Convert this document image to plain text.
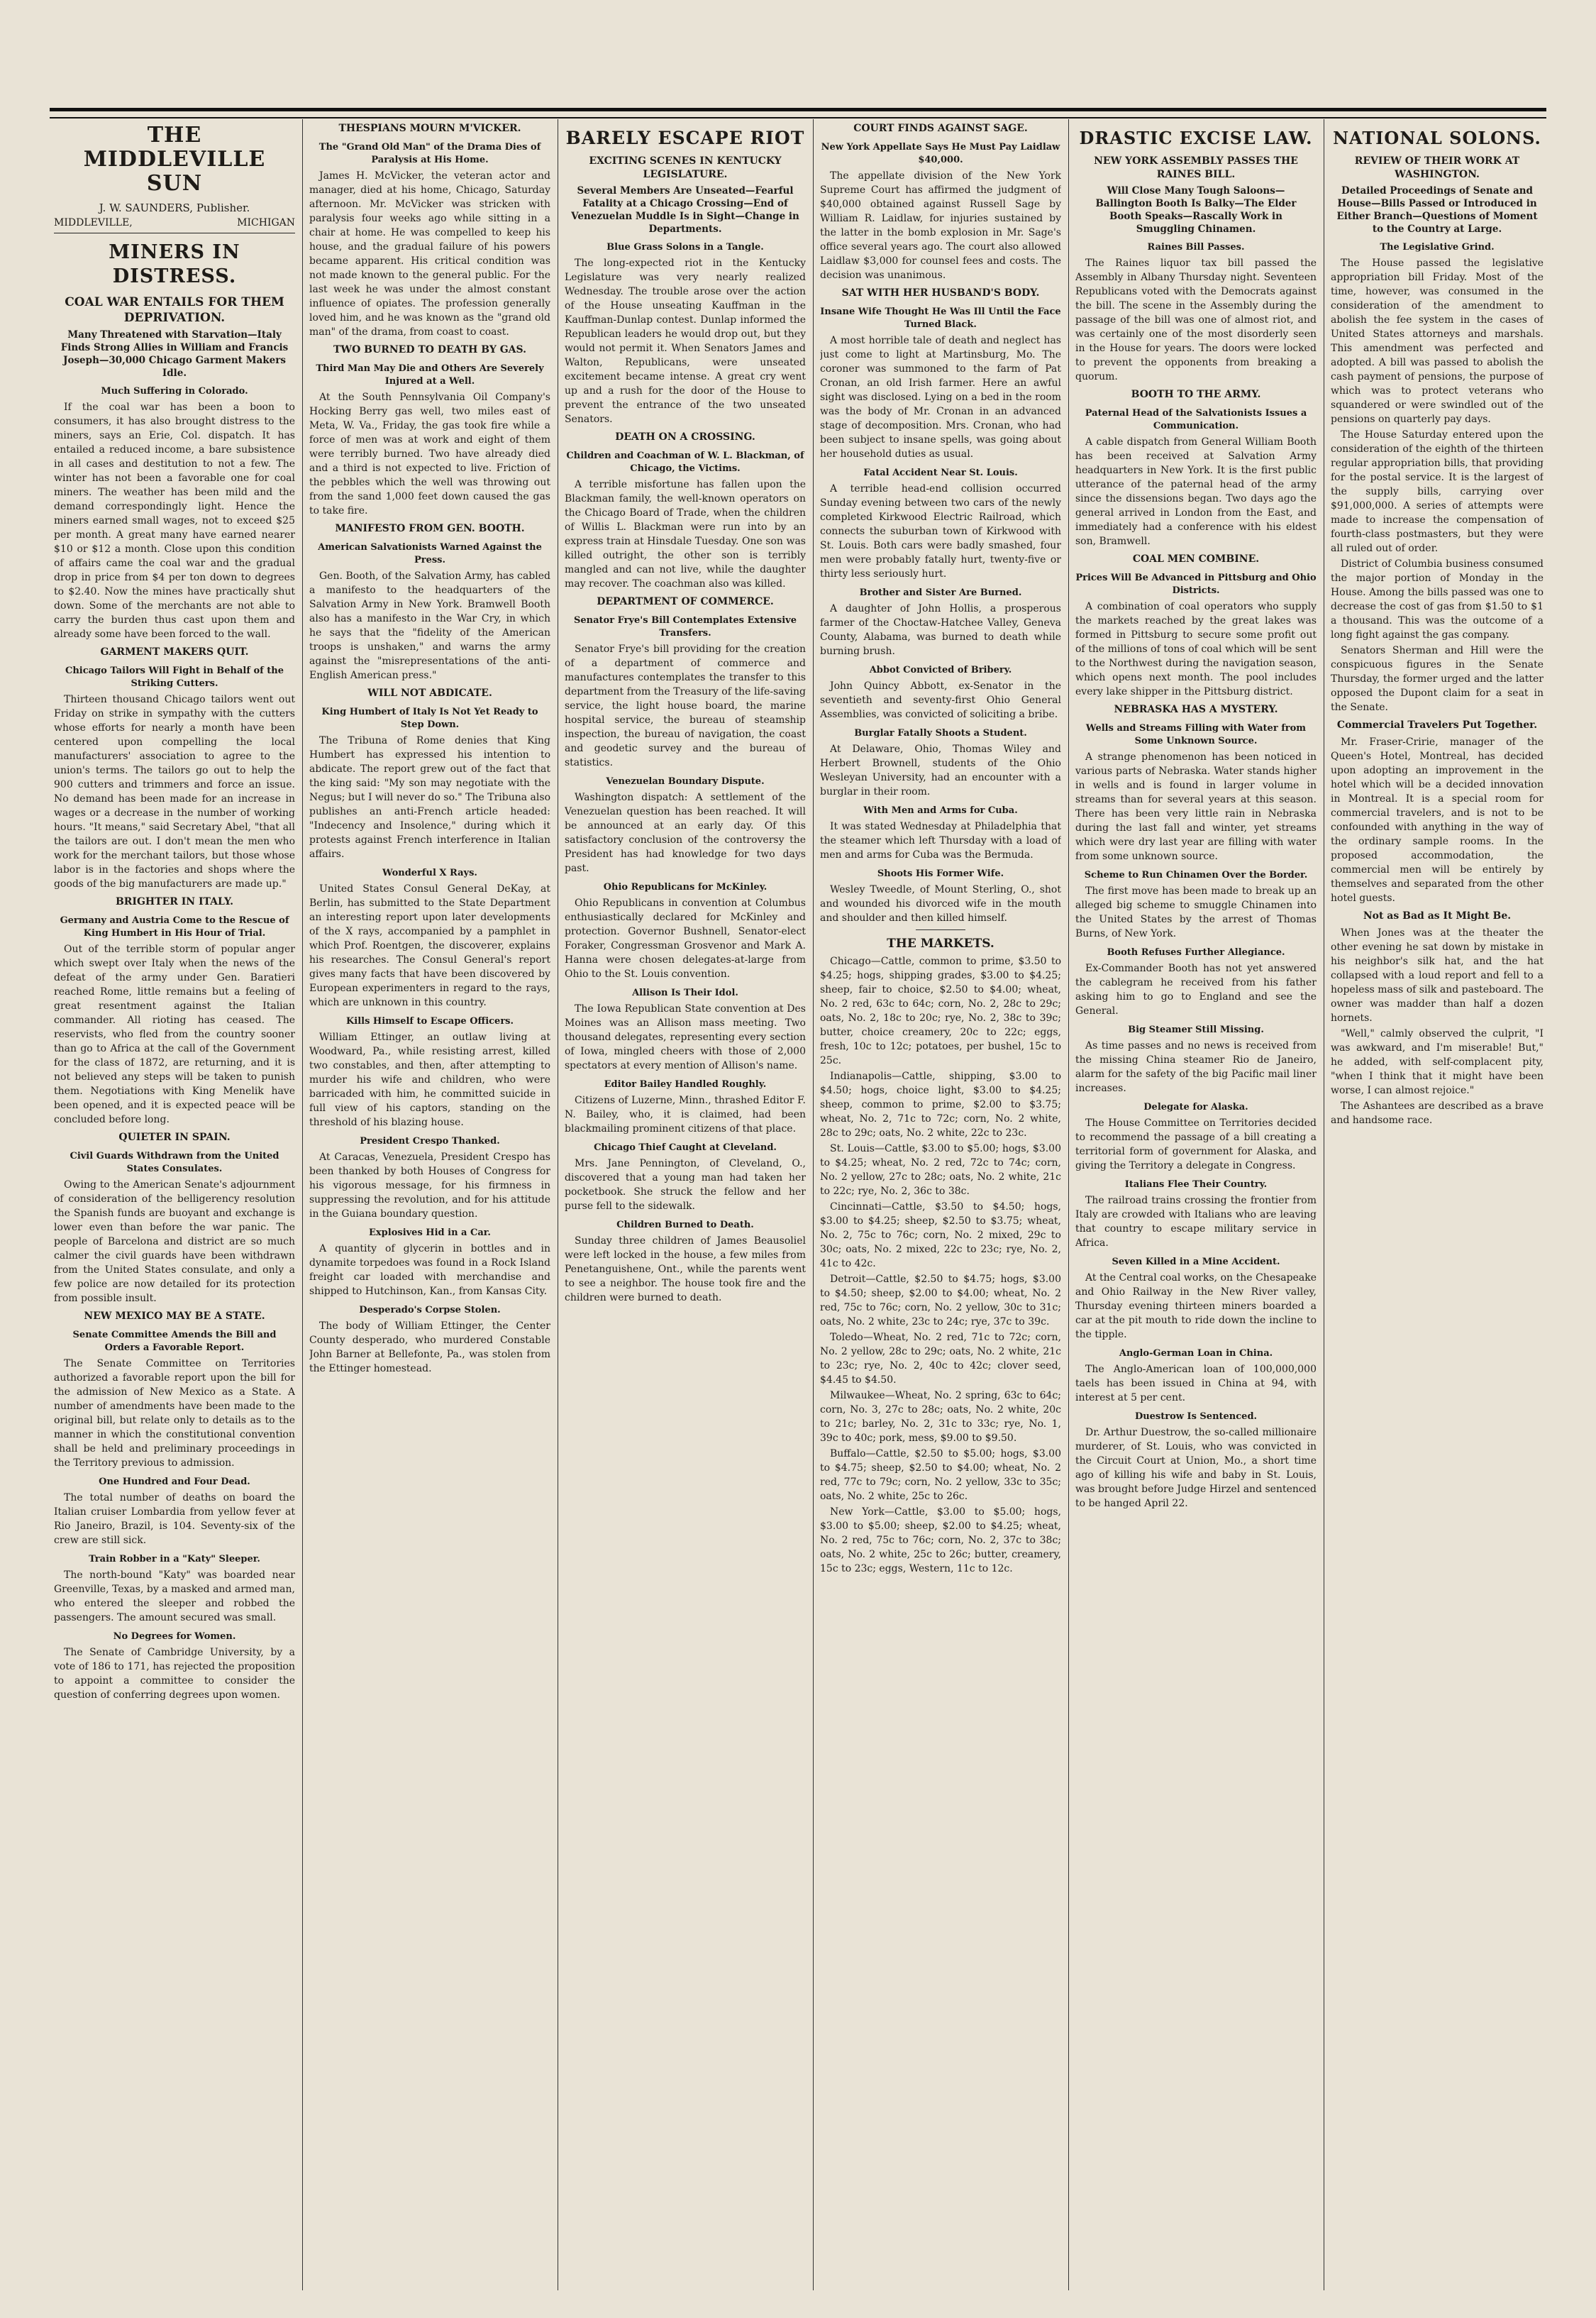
THE MIDDLEVILLE SUN
J. W. SAUNDERS, Publisher.
MIDDLEVILLE,	MICHIGAN
MINERS IN DISTRESS.
COAL WAR ENTAILS FOR THEM DEPRIVATION.
Many Threatened with Starvation—Italy Finds Strong Allies in William and Francis Joseph—30,000 Chicago Garment Makers Idle.
Much Suffering in Colorado.

If the coal war has been a boon to consumers, it has also brought distress to the miners, says an Erie, Col. dispatch. It has entailed a reduced income, a bare subsistence in all cases and destitution to not a few. The winter has not been a favorable one for coal miners. The weather has been mild and the demand correspondingly light. Hence the miners earned small wages, not to exceed $25 per month. A great many have earned nearer $10 or $12 a month. Close upon this condition of affairs came the coal war and the gradual drop in price from $4 per ton down to degrees to $2.40. Now the mines have practically shut down. Some of the merchants are not able to carry the burden thus cast upon them and already some have been forced to the wall.

GARMENT MAKERS QUIT.
Chicago Tailors Will Fight in Behalf of the Striking Cutters.

Thirteen thousand Chicago tailors went out Friday on strike in sympathy with the cutters whose efforts for nearly a month have been centered upon compelling the local manufacturers' association to agree to the union's terms. The tailors go out to help the 900 cutters and trimmers and force an issue. No demand has been made for an increase in wages or a decrease in the number of working hours. "It means," said Secretary Abel, "that all the tailors are out. I don't mean the men who work for the merchant tailors, but those whose labor is in the factories and shops where the goods of the big manufacturers are made up."

BRIGHTER IN ITALY.
Germany and Austria Come to the Rescue of King Humbert in His Hour of Trial.

Out of the terrible storm of popular anger which swept over Italy when the news of the defeat of the army under Gen. Baratieri reached Rome, little remains but a feeling of great resentment against the Italian commander. All rioting has ceased. The reservists, who fled from the country sooner than go to Africa at the call of the Government for the class of 1872, are returning, and it is not believed any steps will be taken to punish them. Negotiations with King Menelik have been opened, and it is expected peace will be concluded before long.

QUIETER IN SPAIN.
Civil Guards Withdrawn from the United States Consulates.

Owing to the American Senate's adjournment of consideration of the belligerency resolution the Spanish funds are buoyant and exchange is lower even than before the war panic. The people of Barcelona and district are so much calmer the civil guards have been withdrawn from the United States consulate, and only a few police are now detailed for its protection from possible insult.

NEW MEXICO MAY BE A STATE.
Senate Committee Amends the Bill and Orders a Favorable Report.

The Senate Committee on Territories authorized a favorable report upon the bill for the admission of New Mexico as a State. A number of amendments have been made to the original bill, but relate only to details as to the manner in which the constitutional convention shall be held and preliminary proceedings in the Territory previous to admission.

One Hundred and Four Dead.

The total number of deaths on board the Italian cruiser Lombardia from yellow fever at Rio Janeiro, Brazil, is 104. Seventy-six of the crew are still sick.

Train Robber in a "Katy" Sleeper.

The north-bound "Katy" was boarded near Greenville, Texas, by a masked and armed man, who entered the sleeper and robbed the passengers. The amount secured was small.

No Degrees for Women.

The Senate of Cambridge University, by a vote of 186 to 171, has rejected the proposition to appoint a committee to consider the question of conferring degrees upon women.

THESPIANS MOURN M'VICKER.
The "Grand Old Man" of the Drama Dies of Paralysis at His Home.

James H. McVicker, the veteran actor and manager, died at his home, Chicago, Saturday afternoon. Mr. McVicker was stricken with paralysis four weeks ago while sitting in a chair at home. He was compelled to keep his house, and the gradual failure of his powers became apparent. His critical condition was not made known to the general public. For the last week he was under the almost constant influence of opiates. The profession generally loved him, and he was known as the "grand old man" of the drama, from coast to coast.

TWO BURNED TO DEATH BY GAS.
Third Man May Die and Others Are Severely Injured at a Well.

At the South Pennsylvania Oil Company's Hocking Berry gas well, two miles east of Meta, W. Va., Friday, the gas took fire while a force of men was at work and eight of them were terribly burned. Two have already died and a third is not expected to live. Friction of the pebbles which the well was throwing out from the sand 1,000 feet down caused the gas to take fire.

MANIFESTO FROM GEN. BOOTH.
American Salvationists Warned Against the Press.

Gen. Booth, of the Salvation Army, has cabled a manifesto to the headquarters of the Salvation Army in New York. Bramwell Booth also has a manifesto in the War Cry, in which he says that the "fidelity of the American troops is unshaken," and warns the army against the "misrepresentations of the anti-English American press."

WILL NOT ABDICATE.
King Humbert of Italy Is Not Yet Ready to Step Down.

The Tribuna of Rome denies that King Humbert has expressed his intention to abdicate. The report grew out of the fact that the king said: "My son may negotiate with the Negus; but I will never do so." The Tribuna also publishes an anti-French article headed: "Indecency and Insolence," during which it protests against French interference in Italian affairs.

Wonderful X Rays.

United States Consul General DeKay, at Berlin, has submitted to the State Department an interesting report upon later developments of the X rays, accompanied by a pamphlet in which Prof. Roentgen, the discoverer, explains his researches. The Consul General's report gives many facts that have been discovered by European experimenters in regard to the rays, which are unknown in this country.

Kills Himself to Escape Officers.

William Ettinger, an outlaw living at Woodward, Pa., while resisting arrest, killed two constables, and then, after attempting to murder his wife and children, who were barricaded with him, he committed suicide in full view of his captors, standing on the threshold of his blazing house.

President Crespo Thanked.

At Caracas, Venezuela, President Crespo has been thanked by both Houses of Congress for his vigorous message, for his firmness in suppressing the revolution, and for his attitude in the Guiana boundary question.

Explosives Hid in a Car.

A quantity of glycerin in bottles and in dynamite torpedoes was found in a Rock Island freight car loaded with merchandise and shipped to Hutchinson, Kan., from Kansas City.

Desperado's Corpse Stolen.

The body of William Ettinger, the Center County desperado, who murdered Constable John Barner at Bellefonte, Pa., was stolen from the Ettinger homestead.

BARELY ESCAPE RIOT
EXCITING SCENES IN KENTUCKY LEGISLATURE.
Several Members Are Unseated—Fearful Fatality at a Chicago Crossing—End of Venezuelan Muddle Is in Sight—Change in Departments.
Blue Grass Solons in a Tangle.

The long-expected riot in the Kentucky Legislature was very nearly realized Wednesday. The trouble arose over the action of the House unseating Kauffman in the Kauffman-Dunlap contest. Dunlap informed the Republican leaders he would drop out, but they would not permit it. When Senators James and Walton, Republicans, were unseated excitement became intense. A great cry went up and a rush for the door of the House to prevent the entrance of the two unseated Senators.

DEATH ON A CROSSING.
Children and Coachman of W. L. Blackman, of Chicago, the Victims.

A terrible misfortune has fallen upon the Blackman family, the well-known operators on the Chicago Board of Trade, when the children of Willis L. Blackman were run into by an express train at Hinsdale Tuesday. One son was killed outright, the other son is terribly mangled and can not live, while the daughter may recover. The coachman also was killed.

DEPARTMENT OF COMMERCE.
Senator Frye's Bill Contemplates Extensive Transfers.

Senator Frye's bill providing for the creation of a department of commerce and manufactures contemplates the transfer to this department from the Treasury of the life-saving service, the light house board, the marine hospital service, the bureau of steamship inspection, the bureau of navigation, the coast and geodetic survey and the bureau of statistics.

Venezuelan Boundary Dispute.

Washington dispatch: A settlement of the Venezuelan question has been reached. It will be announced at an early day. Of this satisfactory conclusion of the controversy the President has had knowledge for two days past.

Ohio Republicans for McKinley.

Ohio Republicans in convention at Columbus enthusiastically declared for McKinley and protection. Governor Bushnell, Senator-elect Foraker, Congressman Grosvenor and Mark A. Hanna were chosen delegates-at-large from Ohio to the St. Louis convention.

Allison Is Their Idol.

The Iowa Republican State convention at Des Moines was an Allison mass meeting. Two thousand delegates, representing every section of Iowa, mingled cheers with those of 2,000 spectators at every mention of Allison's name.

Editor Bailey Handled Roughly.

Citizens of Luzerne, Minn., thrashed Editor F. N. Bailey, who, it is claimed, had been blackmailing prominent citizens of that place.

Chicago Thief Caught at Cleveland.

Mrs. Jane Pennington, of Cleveland, O., discovered that a young man had taken her pocketbook. She struck the fellow and her purse fell to the sidewalk.

Children Burned to Death.

Sunday three children of James Beausoliel were left locked in the house, a few miles from Penetanguishene, Ont., while the parents went to see a neighbor. The house took fire and the children were burned to death.

COURT FINDS AGAINST SAGE.
New York Appellate Says He Must Pay Laidlaw $40,000.

The appellate division of the New York Supreme Court has affirmed the judgment of $40,000 obtained against Russell Sage by William R. Laidlaw, for injuries sustained by the latter in the bomb explosion in Mr. Sage's office several years ago. The court also allowed Laidlaw $3,000 for counsel fees and costs. The decision was unanimous.

SAT WITH HER HUSBAND'S BODY.
Insane Wife Thought He Was Ill Until the Face Turned Black.

A most horrible tale of death and neglect has just come to light at Martinsburg, Mo. The coroner was summoned to the farm of Pat Cronan, an old Irish farmer. Here an awful sight was disclosed. Lying on a bed in the room was the body of Mr. Cronan in an advanced stage of decomposition. Mrs. Cronan, who had been subject to insane spells, was going about her household duties as usual.

Fatal Accident Near St. Louis.

A terrible head-end collision occurred Sunday evening between two cars of the newly completed Kirkwood Electric Railroad, which connects the suburban town of Kirkwood with St. Louis. Both cars were badly smashed, four men were probably fatally hurt, twenty-five or thirty less seriously hurt.

Brother and Sister Are Burned.

A daughter of John Hollis, a prosperous farmer of the Choctaw-Hatchee Valley, Geneva County, Alabama, was burned to death while burning brush.

Abbot Convicted of Bribery.

John Quincy Abbott, ex-Senator in the seventieth and seventy-first Ohio General Assemblies, was convicted of soliciting a bribe.

Burglar Fatally Shoots a Student.

At Delaware, Ohio, Thomas Wiley and Herbert Brownell, students of the Ohio Wesleyan University, had an encounter with a burglar in their room.

With Men and Arms for Cuba.

It was stated Wednesday at Philadelphia that the steamer which left Thursday with a load of men and arms for Cuba was the Bermuda.

Shoots His Former Wife.

Wesley Tweedle, of Mount Sterling, O., shot and wounded his divorced wife in the mouth and shoulder and then killed himself.

THE MARKETS.

Chicago—Cattle, common to prime, $3.50 to $4.25; hogs, shipping grades, $3.00 to $4.25; sheep, fair to choice, $2.50 to $4.00; wheat, No. 2 red, 63c to 64c; corn, No. 2, 28c to 29c; oats, No. 2, 18c to 20c; rye, No. 2, 38c to 39c; butter, choice creamery, 20c to 22c; eggs, fresh, 10c to 12c; potatoes, per bushel, 15c to 25c.

Indianapolis—Cattle, shipping, $3.00 to $4.50; hogs, choice light, $3.00 to $4.25; sheep, common to prime, $2.00 to $3.75; wheat, No. 2, 71c to 72c; corn, No. 2 white, 28c to 29c; oats, No. 2 white, 22c to 23c.

St. Louis—Cattle, $3.00 to $5.00; hogs, $3.00 to $4.25; wheat, No. 2 red, 72c to 74c; corn, No. 2 yellow, 27c to 28c; oats, No. 2 white, 21c to 22c; rye, No. 2, 36c to 38c.

Cincinnati—Cattle, $3.50 to $4.50; hogs, $3.00 to $4.25; sheep, $2.50 to $3.75; wheat, No. 2, 75c to 76c; corn, No. 2 mixed, 29c to 30c; oats, No. 2 mixed, 22c to 23c; rye, No. 2, 41c to 42c.

Detroit—Cattle, $2.50 to $4.75; hogs, $3.00 to $4.50; sheep, $2.00 to $4.00; wheat, No. 2 red, 75c to 76c; corn, No. 2 yellow, 30c to 31c; oats, No. 2 white, 23c to 24c; rye, 37c to 39c.

Toledo—Wheat, No. 2 red, 71c to 72c; corn, No. 2 yellow, 28c to 29c; oats, No. 2 white, 21c to 23c; rye, No. 2, 40c to 42c; clover seed, $4.45 to $4.50.

Milwaukee—Wheat, No. 2 spring, 63c to 64c; corn, No. 3, 27c to 28c; oats, No. 2 white, 20c to 21c; barley, No. 2, 31c to 33c; rye, No. 1, 39c to 40c; pork, mess, $9.00 to $9.50.

Buffalo—Cattle, $2.50 to $5.00; hogs, $3.00 to $4.75; sheep, $2.50 to $4.00; wheat, No. 2 red, 77c to 79c; corn, No. 2 yellow, 33c to 35c; oats, No. 2 white, 25c to 26c.

New York—Cattle, $3.00 to $5.00; hogs, $3.00 to $5.00; sheep, $2.00 to $4.25; wheat, No. 2 red, 75c to 76c; corn, No. 2, 37c to 38c; oats, No. 2 white, 25c to 26c; butter, creamery, 15c to 23c; eggs, Western, 11c to 12c.

DRASTIC EXCISE LAW.
NEW YORK ASSEMBLY PASSES THE RAINES BILL.
Will Close Many Tough Saloons—Ballington Booth Is Balky—The Elder Booth Speaks—Rascally Work in Smuggling Chinamen.
Raines Bill Passes.

The Raines liquor tax bill passed the Assembly in Albany Thursday night. Seventeen Republicans voted with the Democrats against the bill. The scene in the Assembly during the passage of the bill was one of almost riot, and was certainly one of the most disorderly seen in the House for years. The doors were locked to prevent the opponents from breaking a quorum.

BOOTH TO THE ARMY.
Paternal Head of the Salvationists Issues a Communication.

A cable dispatch from General William Booth has been received at Salvation Army headquarters in New York. It is the first public utterance of the paternal head of the army since the dissensions began. Two days ago the general arrived in London from the East, and immediately had a conference with his eldest son, Bramwell.

COAL MEN COMBINE.
Prices Will Be Advanced in Pittsburg and Ohio Districts.

A combination of coal operators who supply the markets reached by the great lakes was formed in Pittsburg to secure some profit out of the millions of tons of coal which will be sent to the Northwest during the navigation season, which opens next month. The pool includes every lake shipper in the Pittsburg district.

NEBRASKA HAS A MYSTERY.
Wells and Streams Filling with Water from Some Unknown Source.

A strange phenomenon has been noticed in various parts of Nebraska. Water stands higher in wells and is found in larger volume in streams than for several years at this season. There has been very little rain in Nebraska during the last fall and winter, yet streams which were dry last year are filling with water from some unknown source.

Scheme to Run Chinamen Over the Border.

The first move has been made to break up an alleged big scheme to smuggle Chinamen into the United States by the arrest of Thomas Burns, of New York.

Booth Refuses Further Allegiance.

Ex-Commander Booth has not yet answered the cablegram he received from his father asking him to go to England and see the General.

Big Steamer Still Missing.

As time passes and no news is received from the missing China steamer Rio de Janeiro, alarm for the safety of the big Pacific mail liner increases.

Delegate for Alaska.

The House Committee on Territories decided to recommend the passage of a bill creating a territorial form of government for Alaska, and giving the Territory a delegate in Congress.

Italians Flee Their Country.

The railroad trains crossing the frontier from Italy are crowded with Italians who are leaving that country to escape military service in Africa.

Seven Killed in a Mine Accident.

At the Central coal works, on the Chesapeake and Ohio Railway in the New River valley, Thursday evening thirteen miners boarded a car at the pit mouth to ride down the incline to the tipple.

Anglo-German Loan in China.

The Anglo-American loan of 100,000,000 taels has been issued in China at 94, with interest at 5 per cent.

Duestrow Is Sentenced.

Dr. Arthur Duestrow, the so-called millionaire murderer, of St. Louis, who was convicted in the Circuit Court at Union, Mo., a short time ago of killing his wife and baby in St. Louis, was brought before Judge Hirzel and sentenced to be hanged April 22.

NATIONAL SOLONS.
REVIEW OF THEIR WORK AT WASHINGTON.
Detailed Proceedings of Senate and House—Bills Passed or Introduced in Either Branch—Questions of Moment to the Country at Large.
The Legislative Grind.

The House passed the legislative appropriation bill Friday. Most of the time, however, was consumed in the consideration of the amendment to abolish the fee system in the cases of United States attorneys and marshals. This amendment was perfected and adopted. A bill was passed to abolish the cash payment of pensions, the purpose of which was to protect veterans who squandered or were swindled out of the pensions on quarterly pay days.

The House Saturday entered upon the consideration of the eighth of the thirteen regular appropriation bills, that providing for the postal service. It is the largest of the supply bills, carrying over $91,000,000. A series of attempts were made to increase the compensation of fourth-class postmasters, but they were all ruled out of order.

District of Columbia business consumed the major portion of Monday in the House. Among the bills passed was one to decrease the cost of gas from $1.50 to $1 a thousand. This was the outcome of a long fight against the gas company.

Senators Sherman and Hill were the conspicuous figures in the Senate Thursday, the former urged and the latter opposed the Dupont claim for a seat in the Senate.

Commercial Travelers Put Together.

Mr. Fraser-Cririe, manager of the Queen's Hotel, Montreal, has decided upon adopting an improvement in the hotel which will be a decided innovation in Montreal. It is a special room for commercial travelers, and is not to be confounded with anything in the way of the ordinary sample rooms. In the proposed accommodation, the commercial men will be entirely by themselves and separated from the other hotel guests.

Not as Bad as It Might Be.

When Jones was at the theater the other evening he sat down by mistake in his neighbor's silk hat, and the hat collapsed with a loud report and fell to a hopeless mass of silk and pasteboard. The owner was madder than half a dozen hornets.

"Well," calmly observed the culprit, "I was awkward, and I'm miserable! But," he added, with self-complacent pity, "when I think that it might have been worse, I can almost rejoice."

The Ashantees are described as a brave and handsome race.
